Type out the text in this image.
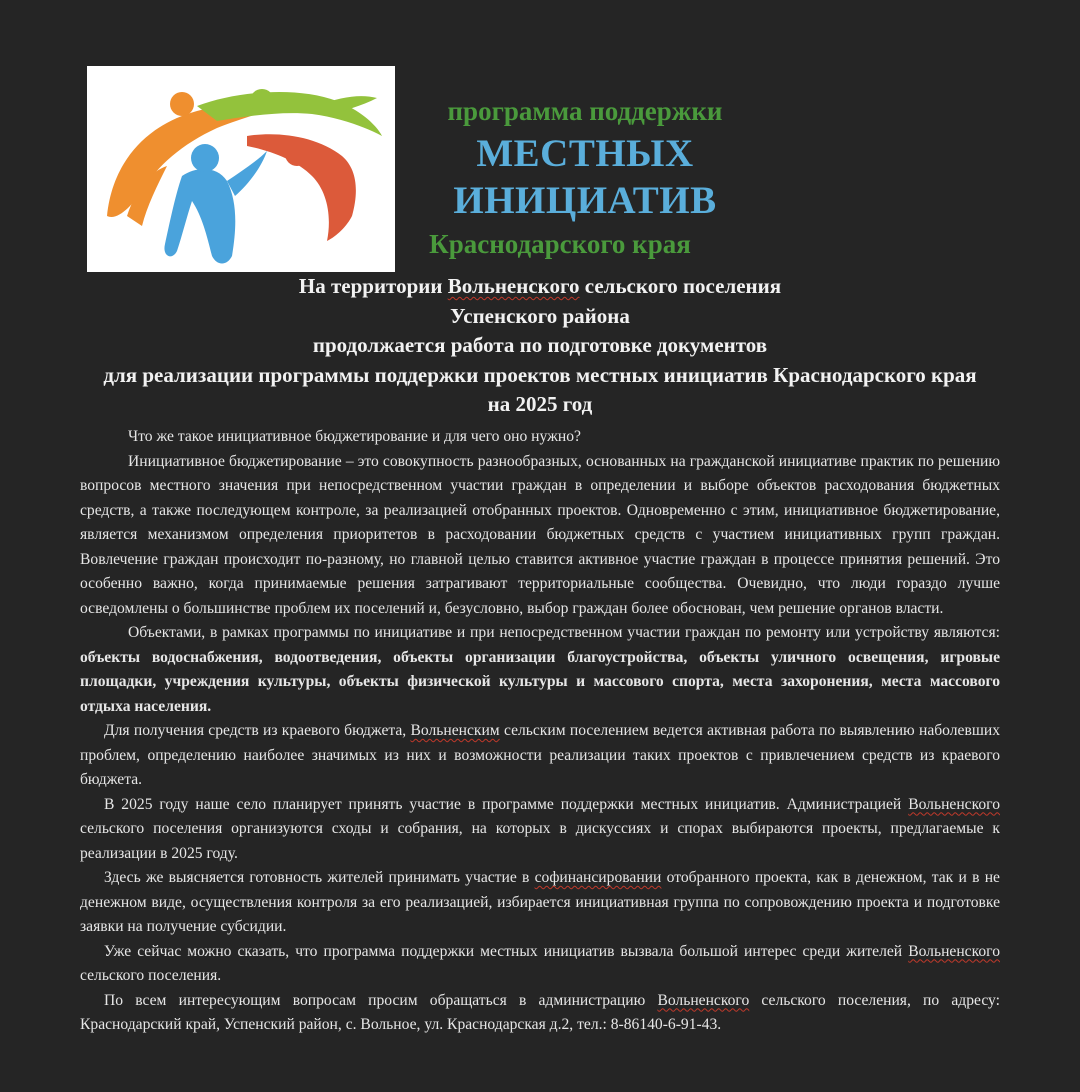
программа поддержки
МЕСТНЫХ
ИНИЦИАТИВ
Краснодарского края
На территории Вольненского сельского поселения
Успенского района
продолжается работа по подготовке документов
для реализации программы поддержки проектов местных инициатив Краснодарского края
на 2025 год

Что же такое инициативное бюджетирование и для чего оно нужно?

Инициативное бюджетирование – это совокупность разнообразных, основанных на гражданской инициативе практик по решению вопросов местного значения при непосредственном участии граждан в определении и выборе объектов расходования бюджетных средств, а также последующем контроле, за реализацией отобранных проектов. Одновременно с этим, инициативное бюджетирование, является механизмом определения приоритетов в расходовании бюджетных средств с участием инициативных групп граждан. Вовлечение граждан происходит по-разному, но главной целью ставится активное участие граждан в процессе принятия решений. Это особенно важно, когда принимаемые решения затрагивают территориальные сообщества. Очевидно, что люди гораздо лучше осведомлены о большинстве проблем их поселений и, безусловно, выбор граждан более обоснован, чем решение органов власти.

Объектами, в рамках программы по инициативе и при непосредственном участии граждан по ремонту или устройству являются: объекты водоснабжения, водоотведения, объекты организации благоустройства, объекты уличного освещения, игровые площадки, учреждения культуры, объекты физической культуры и массового спорта, места захоронения, места массового отдыха населения.

Для получения средств из краевого бюджета, Вольненским сельским поселением ведется активная работа по выявлению наболевших проблем, определению наиболее значимых из них и возможности реализации таких проектов с привлечением средств из краевого бюджета.

В 2025 году наше село планирует принять участие в программе поддержки местных инициатив. Администрацией Вольненского сельского поселения организуются сходы и собрания, на которых в дискуссиях и спорах выбираются проекты, предлагаемые к реализации в 2025 году.

Здесь же выясняется готовность жителей принимать участие в софинансировании отобранного проекта, как в денежном, так и в не денежном виде, осуществления контроля за его реализацией, избирается инициативная группа по сопровождению проекта и подготовке заявки на получение субсидии.

Уже сейчас можно сказать, что программа поддержки местных инициатив вызвала большой интерес среди жителей Вольненского сельского поселения.

По всем интересующим вопросам просим обращаться в администрацию Вольненского сельского поселения, по адресу: Краснодарский край, Успенский район, с. Вольное, ул. Краснодарская д.2, тел.: 8-86140-6-91-43.
